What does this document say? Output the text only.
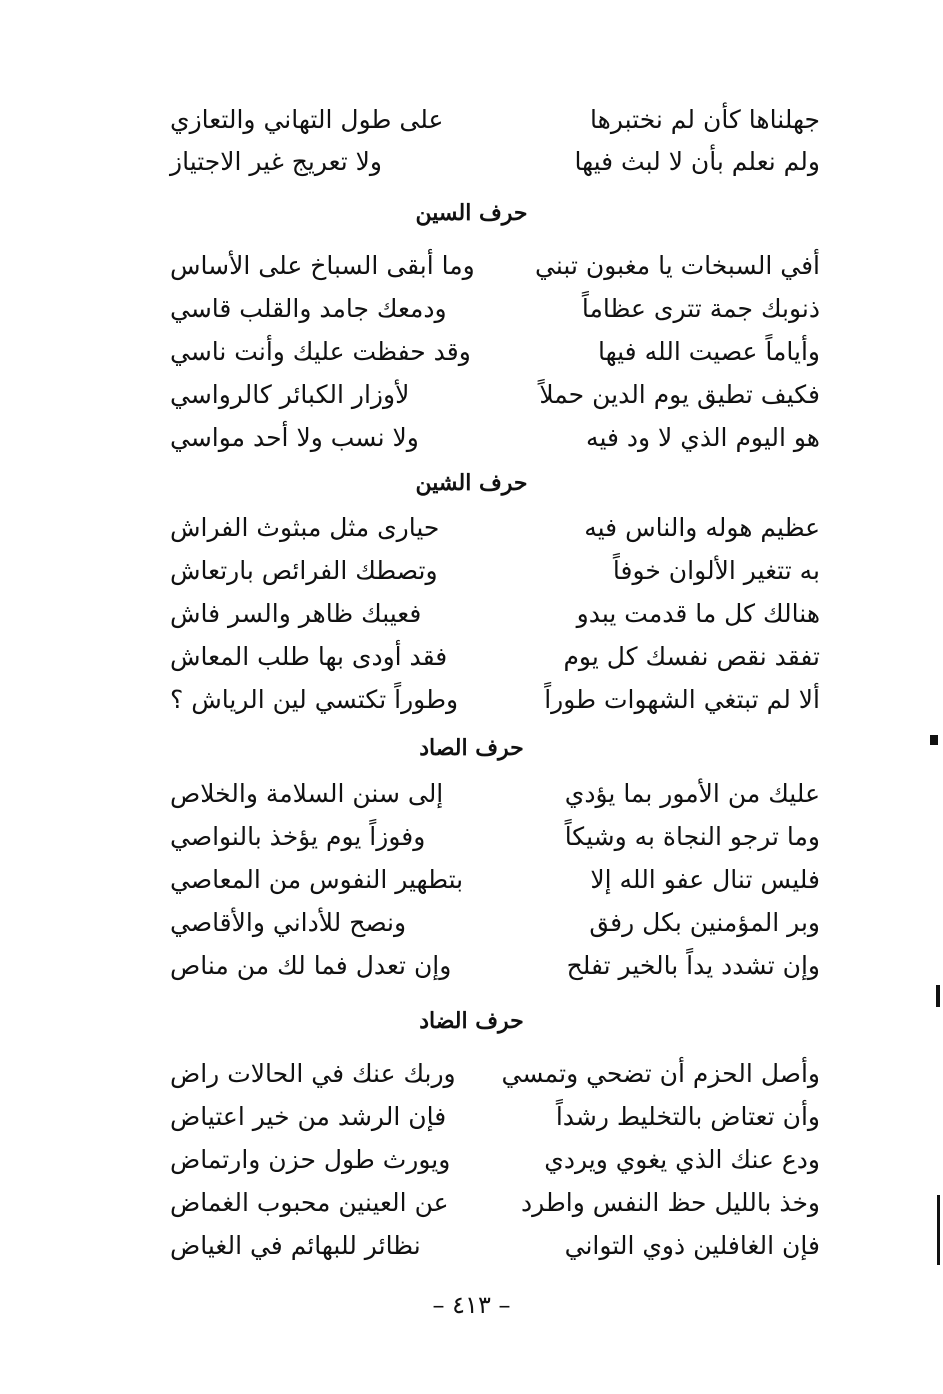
جهلناها كأن لم نختبرها
على طول التهاني والتعازي
ولم نعلم بأن لا لبث فيها
ولا تعريج غير الاجتياز
حرف السين
أفي السبخات يا مغبون تبني
وما أبقى السباخ على الأساس
ذنوبك جمة تترى عظاماً
ودمعك جامد والقلب قاسي
وأياماً عصيت الله فيها
وقد حفظت عليك وأنت ناسي
فكيف تطيق يوم الدين حملاً
لأوزار الكبائر كالرواسي
هو اليوم الذي لا ود فيه
ولا نسب ولا أحد مواسي
حرف الشين
عظيم هوله والناس فيه
حيارى مثل مبثوث الفراش
به تتغير الألوان خوفاً
وتصطك الفرائص بارتعاش
هنالك كل ما قدمت يبدو
فعيبك ظاهر والسر فاش
تفقد نقص نفسك كل يوم
فقد أودى بها طلب المعاش
ألا لم تبتغي الشهوات طوراً
وطوراً تكتسي لين الرياش ؟
حرف الصاد
عليك من الأمور بما يؤدي
إلى سنن السلامة والخلاص
وما ترجو النجاة به وشيكاً
وفوزاً يوم يؤخذ بالنواصي
فليس تنال عفو الله إلا
بتطهير النفوس من المعاصي
وبر المؤمنين بكل رفق
ونصح للأداني والأقاصي
وإن تشدد يداً بالخير تفلح
وإن تعدل فما لك من مناص
حرف الضاد
وأصل الحزم أن تضحي وتمسي
وربك عنك في الحالات راض
وأن تعتاض بالتخليط رشداً
فإن الرشد من خير اعتياض
ودع عنك الذي يغوي ويردي
ويورث طول حزن وارتماض
وخذ بالليل حظ النفس واطرد
عن العينين محبوب الغماض
فإن الغافلين ذوي التواني
نظائر للبهائم في الغياض
– ٤١٣ –
